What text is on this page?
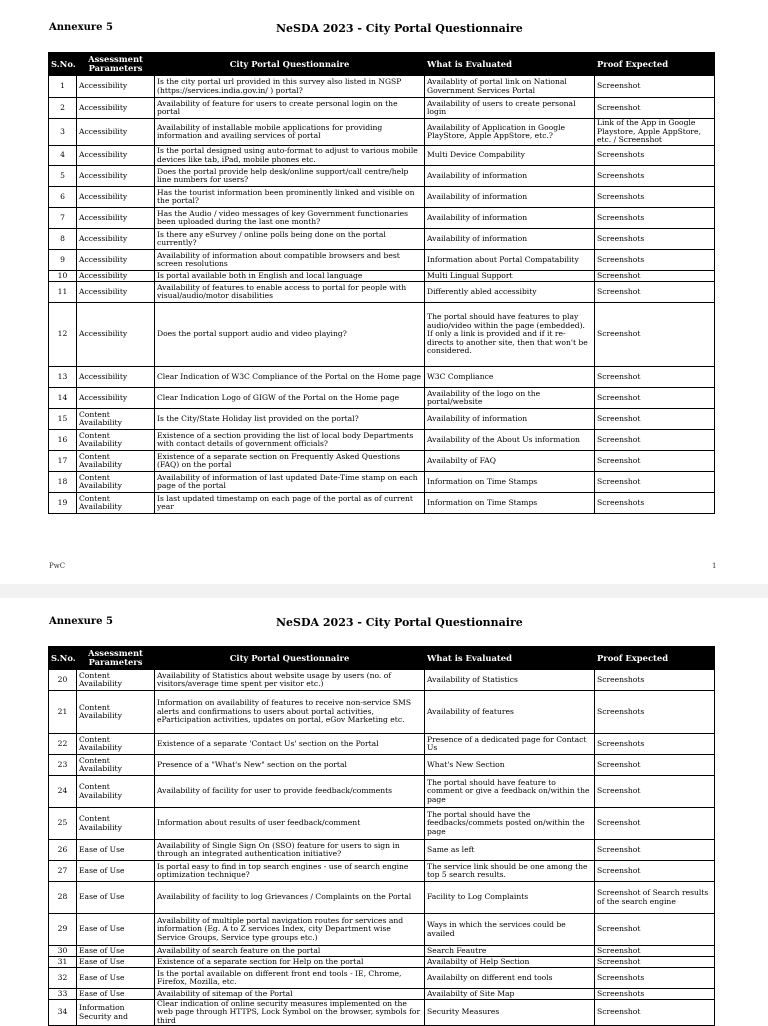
Annexure 5	NeSDA 2023 - City Portal Questionnaire
S.No.	Assessment Parameters	City Portal Questionnaire	What is Evaluated	Proof Expected
1	Accessibility	Is the city portal url provided in this survey also listed in NGSP (https://services.india.gov.in/ ) portal?	Availablity of portal link on National Government Services Portal	Screenshot
2	Accessibility	Availability of feature for users to create personal login on the portal	Availability of users to create personal login	Screenshot
3	Accessibility	Availability of installable mobile applications for providing information and availing services of portal	Availability of Application in Google PlayStore, Apple AppStore, etc.?	Link of the App in Google Playstore, Apple AppStore, etc. / Screenshot
4	Accessibility	Is the portal designed using auto-format to adjust to various mobile devices like tab, iPad, mobile phones etc.	Multi Device Compability	Screenshots
5	Accessibility	Does the portal provide help desk/online support/call centre/help line numbers for users?	Availability of information	Screenshots
6	Accessibility	Has the tourist information been prominently linked and visible on the portal?	Availability of information	Screenshots
7	Accessibility	Has the Audio / video messages of key Government functionaries been uploaded during the last one month?	Availability of information	Screenshots
8	Accessibility	Is there any eSurvey / online polls being done on the portal currently?	Availability of information	Screenshots
9	Accessibility	Availability of information about compatible browsers and best screen resolutions	Information about Portal Compatability	Screenshots
10	Accessibility	Is portal available both in English and local language	Multi Lingual Support	Screenshot
11	Accessibility	Availability of features to enable access to portal for people with visual/audio/motor disabilities	Differently abled accessibity	Screenshot
12	Accessibility	Does the portal support audio and video playing?	The portal should have features to play audio/video within the page (embedded). If only a link is provided and if it re-directs to another site, then that won't be considered.	Screenshot
13	Accessibility	Clear Indication of W3C Compliance of the Portal on the Home page	W3C Compliance	Screenshot
14	Accessibility	Clear Indication Logo of GIGW of the Portal on the Home page	Availability of the logo on the portal/website	Screenshot
15	Content Availability	Is the City/State Holiday list provided on the portal?	Availability of information	Screenshot
16	Content Availability	Existence of a section providing the list of local body Departments with contact details of government officials?	Availability of the About Us information	Screenshot
17	Content Availability	Existence of a separate section on Frequently Asked Questions (FAQ) on the portal	Availabilty of FAQ	Screenshot
18	Content Availability	Availability of information of last updated Date-Time stamp on each page of the portal	Information on Time Stamps	Screenshot
19	Content Availability	Is last updated timestamp on each page of the portal as of current year	Information on Time Stamps	Screenshots
PwC	1
Annexure 5	NeSDA 2023 - City Portal Questionnaire
S.No.	Assessment Parameters	City Portal Questionnaire	What is Evaluated	Proof Expected
20	Content Availability	Availability of Statistics about website usage by users (no. of visitors/average time spent per visitor etc.)	Availability of Statistics	Screenshots
21	Content Availability	Information on availability of features to receive non-service SMS alerts and confirmations to users about portal activities, eParticipation activities, updates on portal, eGov Marketing etc.	Availability of features	Screenshots
22	Content Availability	Existence of a separate 'Contact Us' section on the Portal	Presence of a dedicated page for Contact Us	Screenshots
23	Content Availability	Presence of a "What's New" section on the portal	What's New Section	Screenshot
24	Content Availability	Availability of facility for user to provide feedback/comments	The portal should have feature to comment or give a feedback on/within the page	Screenshot
25	Content Availability	Information about results of user feedback/comment	The portal should have the feedbacks/commets posted on/within the page	Screenshot
26	Ease of Use	Availability of Single Sign On (SSO) feature for users to sign in through an integrated authentication initiative?	Same as left	Screenshot
27	Ease of Use	Is portal easy to find in top search engines - use of search engine optimization technique?	The service link should be one among the top 5 search results.	Screenshot
28	Ease of Use	Availability of facility to log Grievances / Complaints on the Portal	Facility to Log Complaints	Screenshot of Search results of the search engine
29	Ease of Use	Availability of multiple portal navigation routes for services and information (Eg. A to Z services Index, city Department wise Service Groups, Service type groups etc.)	Ways in which the services could be availed	Screenshot
30	Ease of Use	Availability of search feature on the portal	Search Feautre	Screenshot
31	Ease of Use	Existence of a separate section for Help on the portal	Availabilty of Help Section	Screenshot
32	Ease of Use	Is the portal available on different front end tools - IE, Chrome, Firefox, Mozilla, etc.	Availabilty on different end tools	Screenshots
33	Ease of Use	Availability of sitemap of the Portal	Availabilty of Site Map	Screenshots
34	Information Security and	Clear indication of online security measures implemented on the web page through HTTPS, Lock Symbol on the browser, symbols for third	Security Measures	Screenshot
